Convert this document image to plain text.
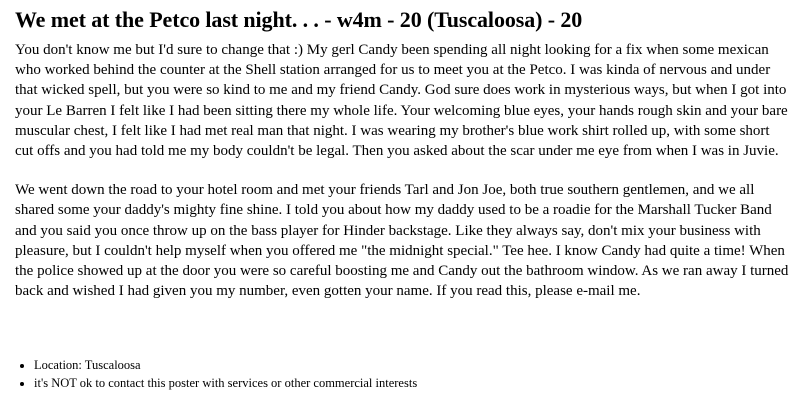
We met at the Petco last night. . . - w4m - 20 (Tuscaloosa) - 20

You don't know me but I'd sure to change that :) My gerl Candy been spending all night looking for a fix when some mexican who worked behind the counter at the Shell station arranged for us to meet you at the Petco. I was kinda of nervous and under that wicked spell, but you were so kind to me and my friend Candy. God sure does work in mysterious ways, but when I got into your Le Barren I felt like I had been sitting there my whole life. Your welcoming blue eyes, your hands rough skin and your bare muscular chest, I felt like I had met real man that night. I was wearing my brother's blue work shirt rolled up, with some short cut offs and you had told me my body couldn't be legal. Then you asked about the scar under me eye from when I was in Juvie.

We went down the road to your hotel room and met your friends Tarl and Jon Joe, both true southern gentlemen, and we all shared some your daddy's mighty fine shine. I told you about how my daddy used to be a roadie for the Marshall Tucker Band and you said you once throw up on the bass player for Hinder backstage. Like they always say, don't mix your business with pleasure, but I couldn't help myself when you offered me "the midnight special." Tee hee. I know Candy had quite a time! When the police showed up at the door you were so careful boosting me and Candy out the bathroom window. As we ran away I turned back and wished I had given you my number, even gotten your name. If you read this, please e-mail me.

• Location: Tuscaloosa
• it's NOT ok to contact this poster with services or other commercial interests
